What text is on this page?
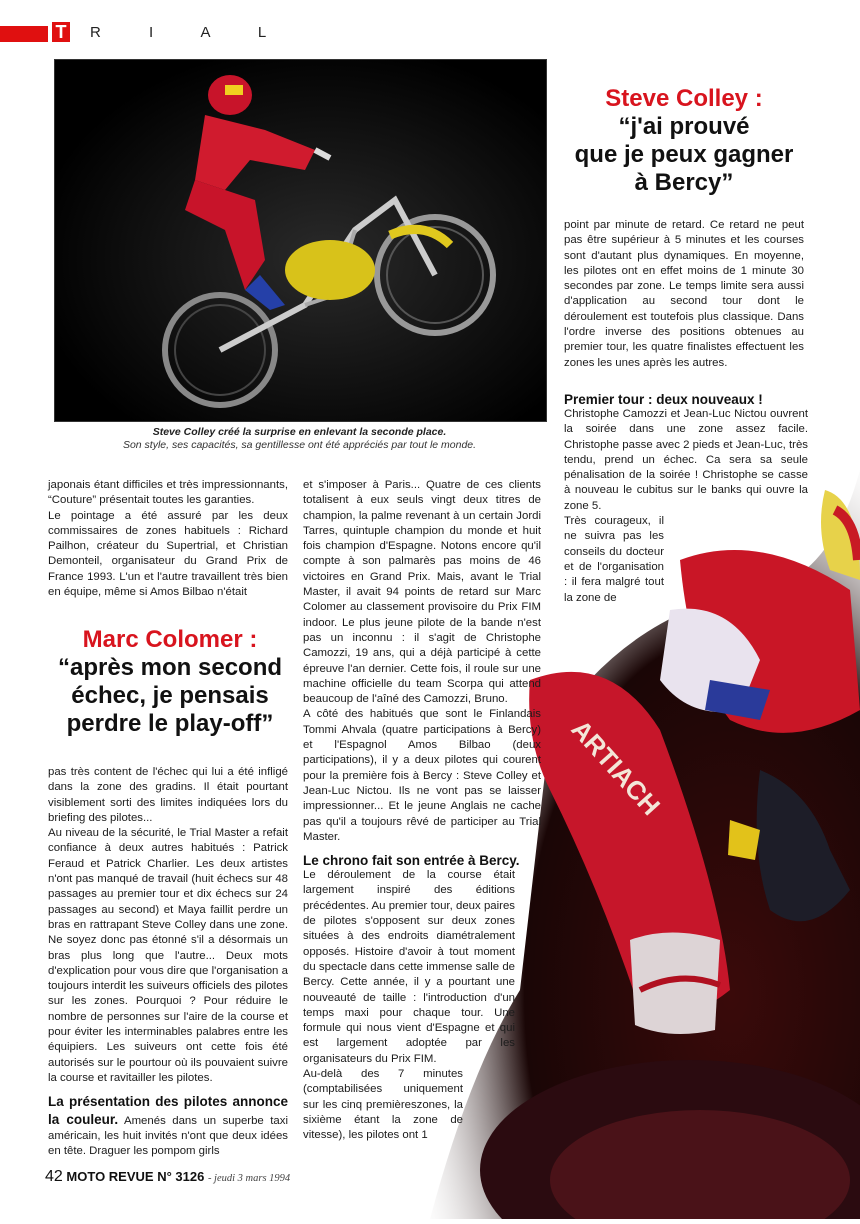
T R I A L
Steve Colley créé la surprise en enlevant la seconde place.
Son style, ses capacités, sa gentillesse ont été appréciés par tout le monde.
ARTIACH

japonais étant difficiles et très impressionnants, “Couture” présentait toutes les garanties.

Le pointage a été assuré par les deux commissaires de zones habituels : Richard Pailhon, créateur du Supertrial, et Christian Demonteil, organisateur du Grand Prix de France 1993. L'un et l'autre travaillent très bien en équipe, même si Amos Bilbao n'était

Marc Colomer :
“après mon second
échec, je pensais
perdre le play-off”

pas très content de l'échec qui lui a été infligé dans la zone des gradins. Il était pourtant visiblement sorti des limites indiquées lors du briefing des pilotes...

Au niveau de la sécurité, le Trial Master a refait confiance à deux autres habitués : Patrick Feraud et Patrick Charlier. Les deux artistes n'ont pas manqué de travail (huit échecs sur 48 passages au premier tour et dix échecs sur 24 passages au second) et Maya faillit perdre un bras en rattrapant Steve Colley dans une zone. Ne soyez donc pas étonné s'il a désormais un bras plus long que l'autre... Deux mots d'explication pour vous dire que l'organisation a toujours interdit les suiveurs officiels des pilotes sur les zones. Pourquoi ? Pour réduire le nombre de personnes sur l'aire de la course et pour éviter les interminables palabres entre les équipiers. Les suiveurs ont cette fois été autorisés sur le pourtour où ils pouvaient suivre la course et ravitailler les pilotes.

La présentation des pilotes annonce la couleur. Amenés dans un superbe taxi américain, les huit invités n'ont que deux idées en tête. Draguer les pompom girls

et s'imposer à Paris... Quatre de ces clients totalisent à eux seuls vingt deux titres de champion, la palme revenant à un certain Jordi Tarres, quintuple champion du monde et huit fois champion d'Espagne. Notons encore qu'il compte à son palmarès pas moins de 46 victoires en Grand Prix. Mais, avant le Trial Master, il avait 94 points de retard sur Marc Colomer au classement provisoire du Prix FIM indoor. Le plus jeune pilote de la bande n'est pas un inconnu : il s'agit de Christophe Camozzi, 19 ans, qui a déjà participé à cette épreuve l'an dernier. Cette fois, il roule sur une machine officielle du team Scorpa qui attend beaucoup de l'aîné des Camozzi, Bruno.

A côté des habitués que sont le Finlandais Tommi Ahvala (quatre participations à Bercy) et l'Espagnol Amos Bilbao (deux participations), il y a deux pilotes qui courent pour la première fois à Bercy : Steve Colley et Jean-Luc Nictou. Ils ne vont pas se laisser impressionner... Et le jeune Anglais ne cache pas qu'il a toujours rêvé de participer au Trial Master.

Le chrono fait son entrée à Bercy.

Le déroulement de la course était largement inspiré des éditions précédentes. Au premier tour, deux paires de pilotes s'opposent sur deux zones situées à des endroits diamétralement opposés. Histoire d'avoir à tout moment du spectacle dans cette immense salle de Bercy. Cette année, il y a pourtant une nouveauté de taille : l'introduction d'un temps maxi pour chaque tour. Une formule qui nous vient d'Espagne et qui est largement adoptée par les organisateurs du Prix FIM.

Au-delà des 7 minutes (comptabilisées uniquement sur les cinq premièreszones, la sixième étant la zone de vitesse), les pilotes ont 1

Steve Colley :
“j'ai prouvé
que je peux gagner
à Bercy”

point par minute de retard. Ce retard ne peut pas être supérieur à 5 minutes et les courses sont d'autant plus dynamiques. En moyenne, les pilotes ont en effet moins de 1 minute 30 secondes par zone. Le temps limite sera aussi d'application au second tour dont le déroulement est toutefois plus classique. Dans l'ordre inverse des positions obtenues au premier tour, les quatre finalistes effectuent les zones les unes après les autres.

Premier tour : deux nouveaux !

Christophe Camozzi et Jean-Luc Nictou ouvrent la soirée dans une zone assez facile. Christophe passe avec 2 pieds et Jean-Luc, très tendu, prend un échec. Ca sera sa seule pénalisation de la soirée ! Christophe se casse à nouveau le cubitus sur le banks qui ouvre la zone 5.

Très courageux, il ne suivra pas les conseils du docteur et de l'organisation : il fera malgré tout la zone de

42 MOTO REVUE N° 3126 - jeudi 3 mars 1994
